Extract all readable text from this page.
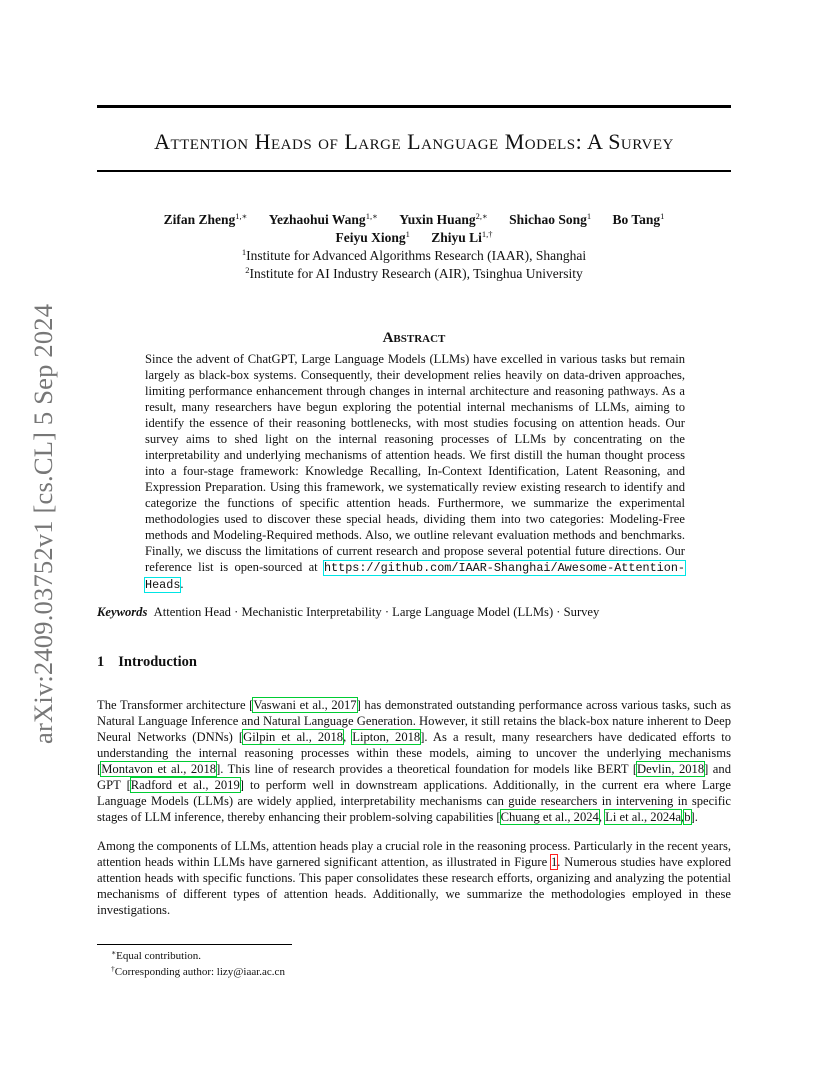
arXiv:2409.03752v1 [cs.CL] 5 Sep 2024
Attention Heads of Large Language Models: A Survey
Zifan Zheng$^{1,∗}$ Yezhaohui Wang$^{1,∗}$ Yuxin Huang$^{2,∗}$ Shichao Song$^1$ Bo Tang$^1$
Feiyu Xiong$^1$ Zhiyu $Li^{1,\dagger}$
$^1$Institute for Advanced Algorithms Research (IAAR), Shanghai
$^2$Institute for AI Industry Research (AIR), Tsinghua University
Abstract
Since the advent of ChatGPT, Large Language Models (LLMs) have excelled in various tasks but remain largely as black-box systems. Consequently, their development relies heavily on data-driven approaches, limiting performance enhancement through changes in internal architecture and reasoning pathways. As a result, many researchers have begun exploring the potential internal mechanisms of LLMs, aiming to identify the essence of their reasoning bottlenecks, with most studies focusing on attention heads. Our survey aims to shed light on the internal reasoning processes of LLMs by concentrating on the interpretability and underlying mechanisms of attention heads. We first distill the human thought process into a four-stage framework: Knowledge Recalling, In-Context Identification, Latent Reasoning, and Expression Preparation. Using this framework, we systematically review existing research to identify and categorize the functions of specific attention heads. Furthermore, we summarize the experimental methodologies used to discover these special heads, dividing them into two categories: Modeling-Free methods and Modeling-Required methods. Also, we outline relevant evaluation methods and benchmarks. Finally, we discuss the limitations of current research and propose several potential future directions. Our reference list is open-sourced at https://github.com/IAAR-Shanghai/Awesome-Attention-Heads.
Keywords Attention Head · Mechanistic Interpretability · Large Language Model (LLMs) · Survey
1 Introduction
The Transformer architecture [Vaswani et al., 2017] has demonstrated outstanding performance across various tasks, such as Natural Language Inference and Natural Language Generation. However, it still retains the black-box nature inherent to Deep Neural Networks (DNNs) [Gilpin et al., 2018, Lipton, 2018]. As a result, many researchers have dedicated efforts to understanding the internal reasoning processes within these models, aiming to uncover the underlying mechanisms [Montavon et al., 2018]. This line of research provides a theoretical foundation for models like BERT [Devlin, 2018] and GPT [Radford et al., 2019] to perform well in downstream applications. Additionally, in the current era where Large Language Models (LLMs) are widely applied, interpretability mechanisms can guide researchers in intervening in specific stages of LLM inference, thereby enhancing their problem-solving capabilities [Chuang et al., 2024, Li et al., 2024a,b].
Among the components of LLMs, attention heads play a crucial role in the reasoning process. Particularly in the recent years, attention heads within LLMs have garnered significant attention, as illustrated in Figure 1. Numerous studies have explored attention heads with specific functions. This paper consolidates these research efforts, organizing and analyzing the potential mechanisms of different types of attention heads. Additionally, we summarize the methodologies employed in these investigations.
∗Equal contribution.
†Corresponding author: lizy@iaar.ac.cn
